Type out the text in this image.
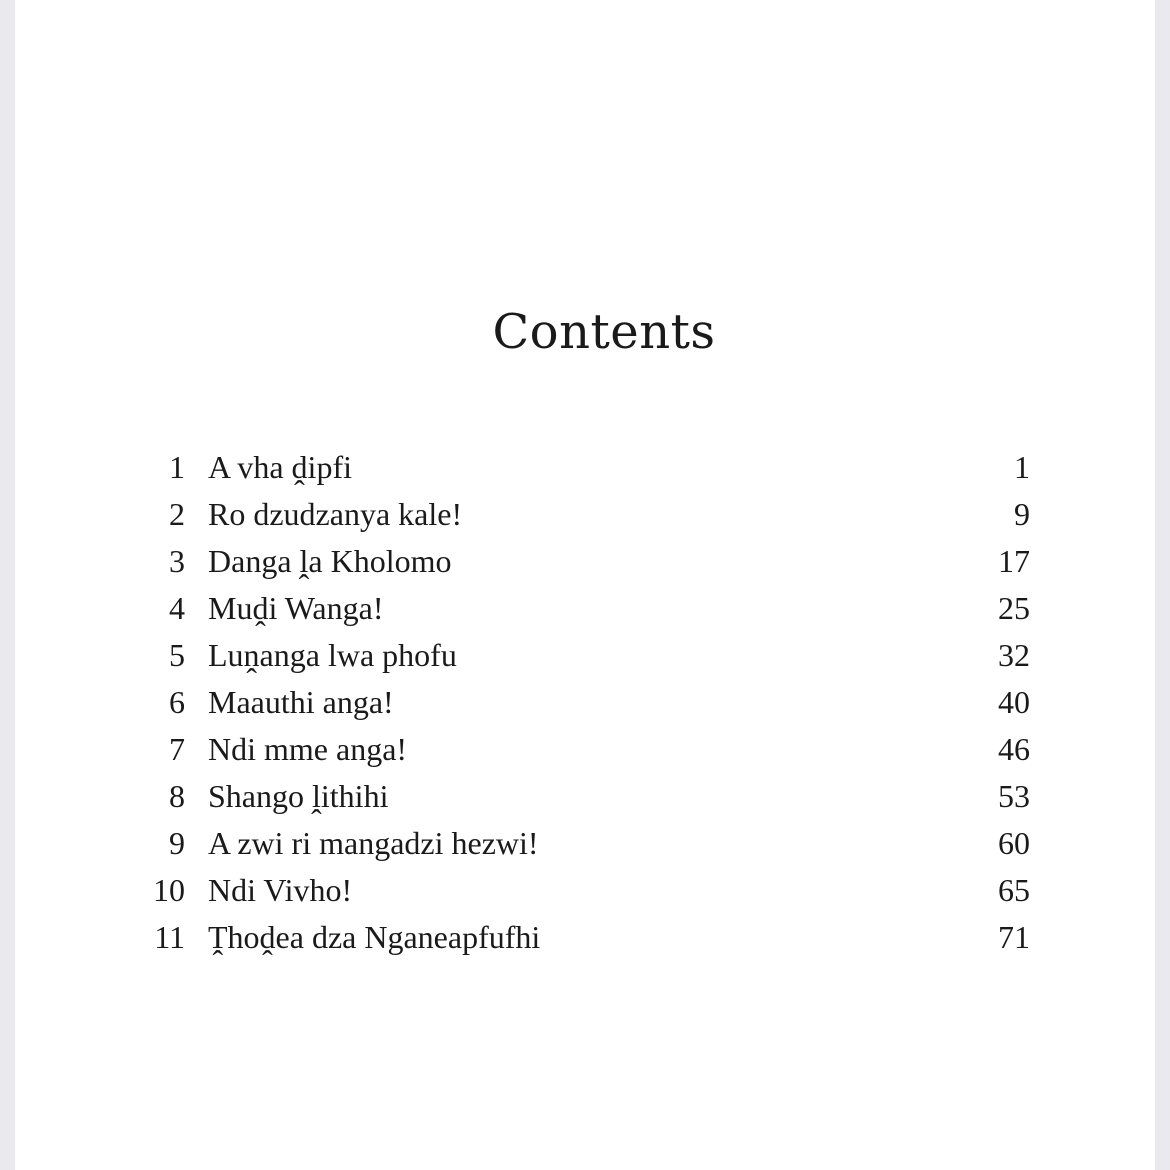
Contents
1 A vha ḓipfi	1
2 Ro dzudzanya kale!	9
3 Danga ḽa Kholomo	17
4 Muḓi Wanga!	25
5 Luṋanga lwa phofu	32
6 Maauthi anga!	40
7 Ndi mme anga!	46
8 Shango ḽithihi	53
9 A zwi ri mangadzi hezwi!	60
10 Ndi Vivho!	65
11 Ṱhoḓea dza Nganeapfufhi	71
